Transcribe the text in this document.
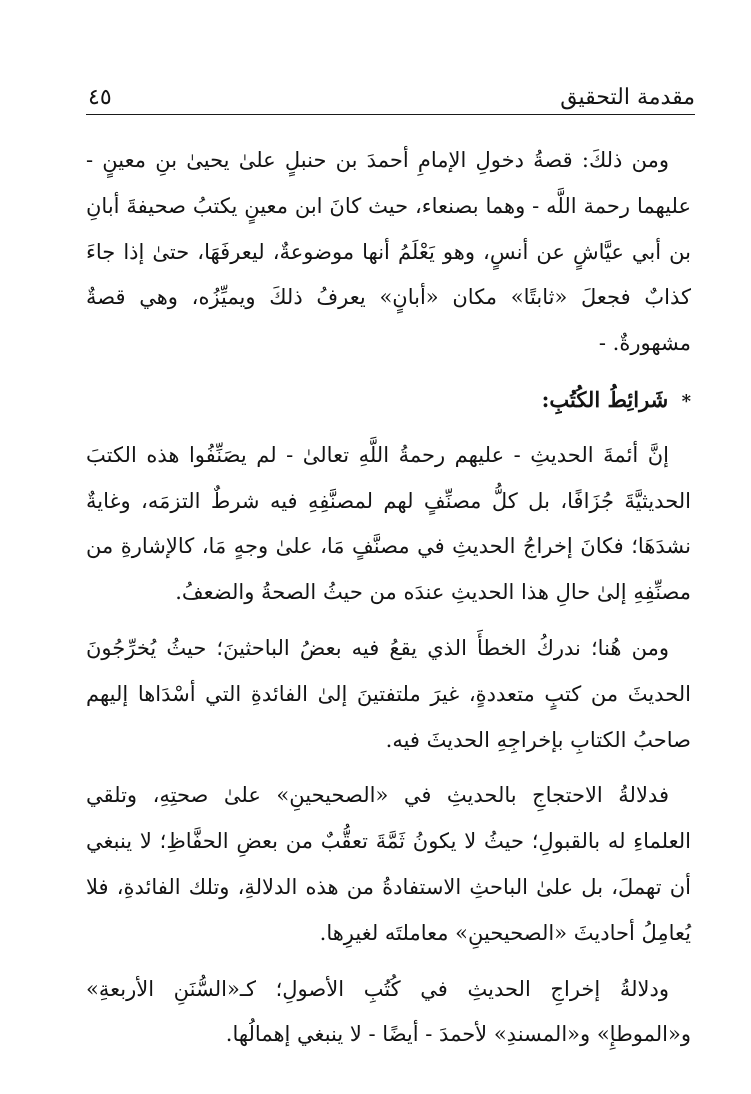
مقدمة التحقيق
٤٥

ومن ذلكَ: قصةُ دخولِ الإمامِ أحمدَ بن حنبلٍ علىٰ يحيىٰ بنِ معينٍ - عليهما رحمة اللَّه - وهما بصنعاء، حيث كانَ ابن معينٍ يكتبُ صحيفةَ أبانِ بن أبي عيَّاشٍ عن أنسٍ، وهو يَعْلَمُ أنها موضوعةٌ، ليعرفَهَا، حتىٰ إذا جاءَ كذابٌ فجعلَ «ثابتًا» مكان «أبانٍ» يعرفُ ذلكَ ويميِّزُه، وهي قصةٌ مشهورةٌ. -

* شَرائِطُ الكُتُبِ:

إنَّ أئمةَ الحديثِ - عليهم رحمةُ اللَّهِ تعالىٰ - لم يصَنِّفُوا هذه الكتبَ الحديثيَّةَ جُزَافًا، بل كلُّ مصنِّفٍ لهم لمصنَّفِهِ فيه شرطٌ التزمَه، وغايةٌ نشدَهَا؛ فكانَ إخراجُ الحديثِ في مصنَّفٍ مَا، علىٰ وجهٍ مَا، كالإشارةِ من مصنِّفِهِ إلىٰ حالِ هذا الحديثِ عندَه من حيثُ الصحةُ والضعفُ.

ومن هُنا؛ ندركُ الخطأَ الذي يقعُ فيه بعضُ الباحثينَ؛ حيثُ يُخرِّجُونَ الحديثَ من كتبٍ متعددةٍ، غيرَ ملتفتينَ إلىٰ الفائدةِ التي أسْدَاها إليهم صاحبُ الكتابِ بإخراجِهِ الحديثَ فيه.

فدلالةُ الاحتجاجِ بالحديثِ في «الصحيحينِ» علىٰ صحتِهِ، وتلقي العلماءِ له بالقبولِ؛ حيثُ لا يكونُ ثَمَّةَ تعقُّبٌ من بعضِ الحفَّاظِ؛ لا ينبغي أن تهملَ، بل علىٰ الباحثِ الاستفادةُ من هذه الدلالةِ، وتلك الفائدةِ، فلا يُعامِلُ أحاديثَ «الصحيحينِ» معاملتَه لغيرِها.

ودلالةُ إخراجِ الحديثِ في كُتُبِ الأصولِ؛ كـ«السُّنَنِ الأربعةِ» و«الموطإِ» و«المسندِ» لأحمدَ - أيضًا - لا ينبغي إهمالُها.
